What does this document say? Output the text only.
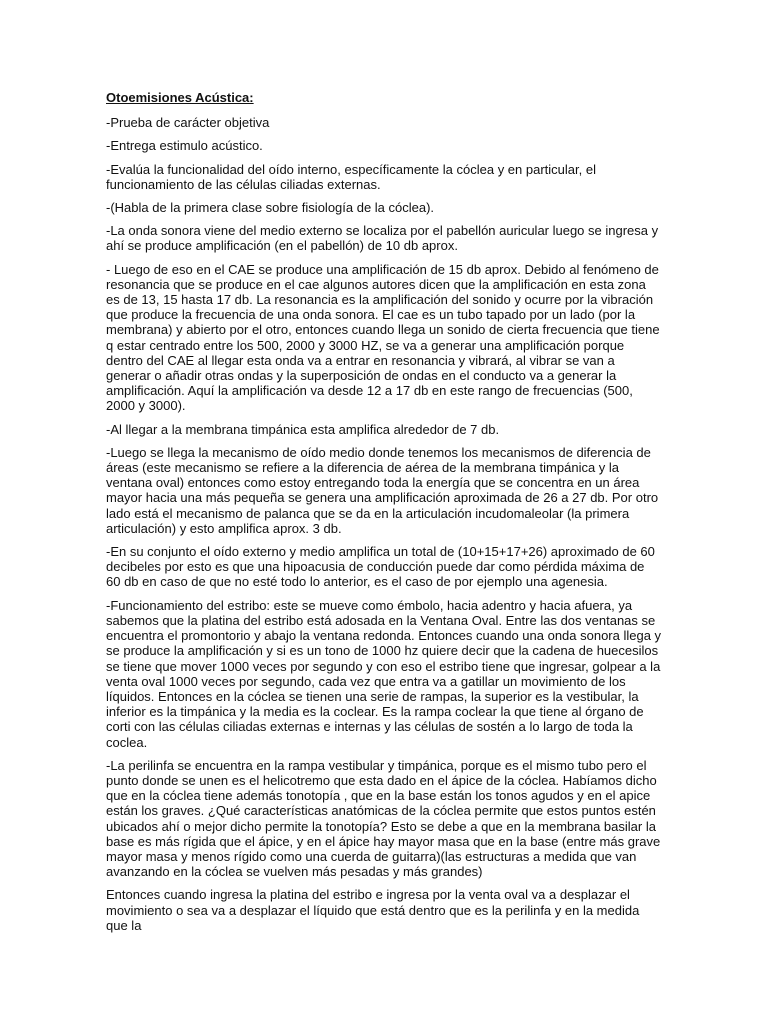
Otoemisiones Acústica:

-Prueba de carácter objetiva

-Entrega estimulo acústico.

-Evalúa la funcionalidad del oído interno, específicamente la cóclea y en particular, el funcionamiento de las células ciliadas externas.

-(Habla de la primera clase sobre fisiología de la cóclea).

-La onda sonora viene del medio externo se localiza por el pabellón auricular luego se ingresa y ahí se produce amplificación (en el pabellón) de 10 db aprox.

- Luego de eso en el CAE se produce una amplificación de 15 db aprox. Debido al fenómeno de resonancia que se produce en el cae algunos autores dicen que la amplificación en esta zona es de 13, 15 hasta 17 db. La resonancia es la amplificación del sonido y ocurre por la vibración que produce la frecuencia de una onda sonora. El cae es un tubo tapado por un lado (por la membrana) y abierto por el otro, entonces cuando llega un sonido de cierta frecuencia que tiene q estar centrado entre los 500, 2000 y 3000 HZ, se va a generar una amplificación porque dentro del CAE al llegar esta onda va a entrar en resonancia y vibrará, al vibrar se van a generar o añadir otras ondas y la superposición de ondas en el conducto va a generar la amplificación. Aquí la amplificación va desde 12 a 17 db en este rango de frecuencias (500, 2000 y 3000).

-Al llegar a la membrana timpánica esta amplifica alrededor de 7 db.

-Luego se llega la mecanismo de oído medio donde tenemos los mecanismos de diferencia de áreas (este mecanismo se refiere a la diferencia de aérea de la membrana timpánica y la ventana oval) entonces como estoy entregando toda la energía que se concentra en un área mayor hacia una más pequeña se genera una amplificación aproximada de 26 a 27 db. Por otro lado está el mecanismo de palanca que se da en la articulación incudomaleolar (la primera articulación) y esto amplifica aprox. 3 db.

-En su conjunto el oído externo y medio amplifica un total de (10+15+17+26) aproximado de 60 decibeles por esto es que una hipoacusia de conducción puede dar como pérdida máxima de 60 db en caso de que no esté todo lo anterior, es el caso de por ejemplo una agenesia.

-Funcionamiento del estribo: este se mueve como émbolo, hacia adentro y hacia afuera, ya sabemos que la platina del estribo está adosada en la Ventana Oval. Entre las dos ventanas se encuentra el promontorio y abajo la ventana redonda. Entonces cuando una onda sonora llega y se produce la amplificación y si es un tono de 1000 hz quiere decir que la cadena de huecesilos se tiene que mover 1000 veces por segundo y con eso el estribo tiene que ingresar, golpear a la venta oval 1000 veces por segundo, cada vez que entra va a gatillar un movimiento de los líquidos. Entonces en la cóclea se tienen una serie de rampas, la superior es la vestibular, la inferior es la timpánica y la media es la coclear. Es la rampa coclear la que tiene al órgano de corti con las células ciliadas externas e internas y las células de sostén a lo largo de toda la coclea.

-La perilinfa se encuentra en la rampa vestibular y timpánica, porque es el mismo tubo pero el punto donde se unen es el helicotremo que esta dado en el ápice de la cóclea. Habíamos dicho que en la cóclea tiene además tonotopía , que en la base están los tonos agudos y en el apice están los graves. ¿Qué características anatómicas de la cóclea permite que estos puntos estén ubicados ahí o mejor dicho permite la tonotopía? Esto se debe a que en la membrana basilar la base es más rígida que el ápice, y en el ápice hay mayor masa que en la base (entre más grave mayor masa y menos rígido como una cuerda de guitarra)(las estructuras a medida que van avanzando en la cóclea se vuelven más pesadas y más grandes)

Entonces cuando ingresa la platina del estribo e ingresa por la venta oval va a desplazar el movimiento o sea va a desplazar el líquido que está dentro que es la perilinfa y en la medida que la
